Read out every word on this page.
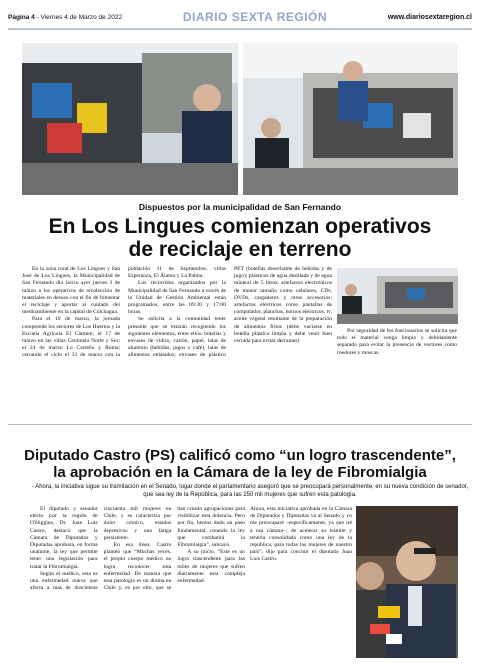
Página 4 - Viernes 4 de Marzo de 2022	DIARIO SEXTA REGIÓN	www.diariosextaregion.cl
Dispuestos por la municipalidad de San Fernando
En Los Lingues comienzan operativos
de reciclaje en terreno

En la zona rural de Los Lingues y San José de Los Lingues, la Municipalidad de San Fernando dio inicio ayer jueves 3 de marzo a los operativos de recolección de materiales en desuso con el fin de fomentar el reciclaje y aportar al cuidado del medioambiente en la capital de Colchagua.

Para el 10 de marzo, la jornada comprende los sectores de Los Huertos y la Escuela Agrícola El Carmen; el 17 de marzo en las villas Centinela Norte y Sur; el 24 de marzo Lo Carreño y Roma; cerrando el ciclo el 31 de marzo con la población 11 de Septiembre, villas Esperanza, El Álamo y La Palma.

Los recorridos organizados por la Municipalidad de San Fernando a través de la Unidad de Gestión Ambiental están programados, entre las 09:30 y 17:00 horas.

Se solicita a la comunidad tener presente que se estarán recogiendo los siguientes elementos, entre ellos: botellas y envases de vidrio, cartón, papel, latas de aluminio (bebidas, jugos y café), latas de alimentos enlatados; envases de plástico PET (botellas desechable de bebidas y de jugo); plásticos de agua destilada y de agua mineral de 5 litros; artefactos electrónicos de menor tamaño como celulares, CDs, DVDs, cargadores y otros accesorios; artefactos eléctricos como pantallas de computador, planchas, hornos eléctricos, tv, aceite vegetal resultante de la preparación de alimentos fritos (debe vaciarse en botella plástica limpia y debe venir bien cerrada para evitar derrames)

Por seguridad de los funcionarios se solicita que todo el material venga limpio y debidamente separado para evitar la presencia de vectores como roedores y moscas.

Diputado Castro (PS) calificó como “un logro trascendente”,
la aprobación en la Cámara de la ley de Fibromialgia
- Ahora, la iniciativa sigue su tramitación en el Senado, lugar donde el parlamentario aseguró que se preocupará personalmente, en su nueva condición de senador, que sea ley de la República, para las 250 mil mujeres que sufren esta patología.

El diputado y senador electo por la región de O'Higgins, Dr. Juan Luis Castro, destacó que la Cámara de Diputados y Diputadas aprobara, en forma unánime, la ley que permite tener una legislación para tratar la Fibromialgia.

Según el médico, esta es una enfermedad nueva que afecta a más de doscientas cincuenta mil mujeres en Chile, y se caracteriza por dolor crónico, estados depresivos y una fatiga persistente.

En esa línea, Castro planteó que “Muchas veces, el propio cuerpo médico no logra reconocer esta enfermedad. De manera que esta patología es un drama en Chile y, es por ello, que se han creado agrupaciones para visibilizar esta dolencia. Pero por fin, hemos dado un paso fundamental, creando la ley que combatirá la Fibromialgia”, subrayó.

A su juicio, “Este es un logro trascendente para las miles de mujeres que sufren diariamente esta compleja enfermedad.

Ahora, esta iniciativa aprobada en la Cámara de Diputados y Diputadas va al Senado y yo me preocuparé –específicamente, ya que iré a esa cámara–, de acelerar su trámite y tenerla consolidada como una ley de la república, para todas las mujeres de nuestro país”, dijo para concluir el diputado Juan Luis Castro.
